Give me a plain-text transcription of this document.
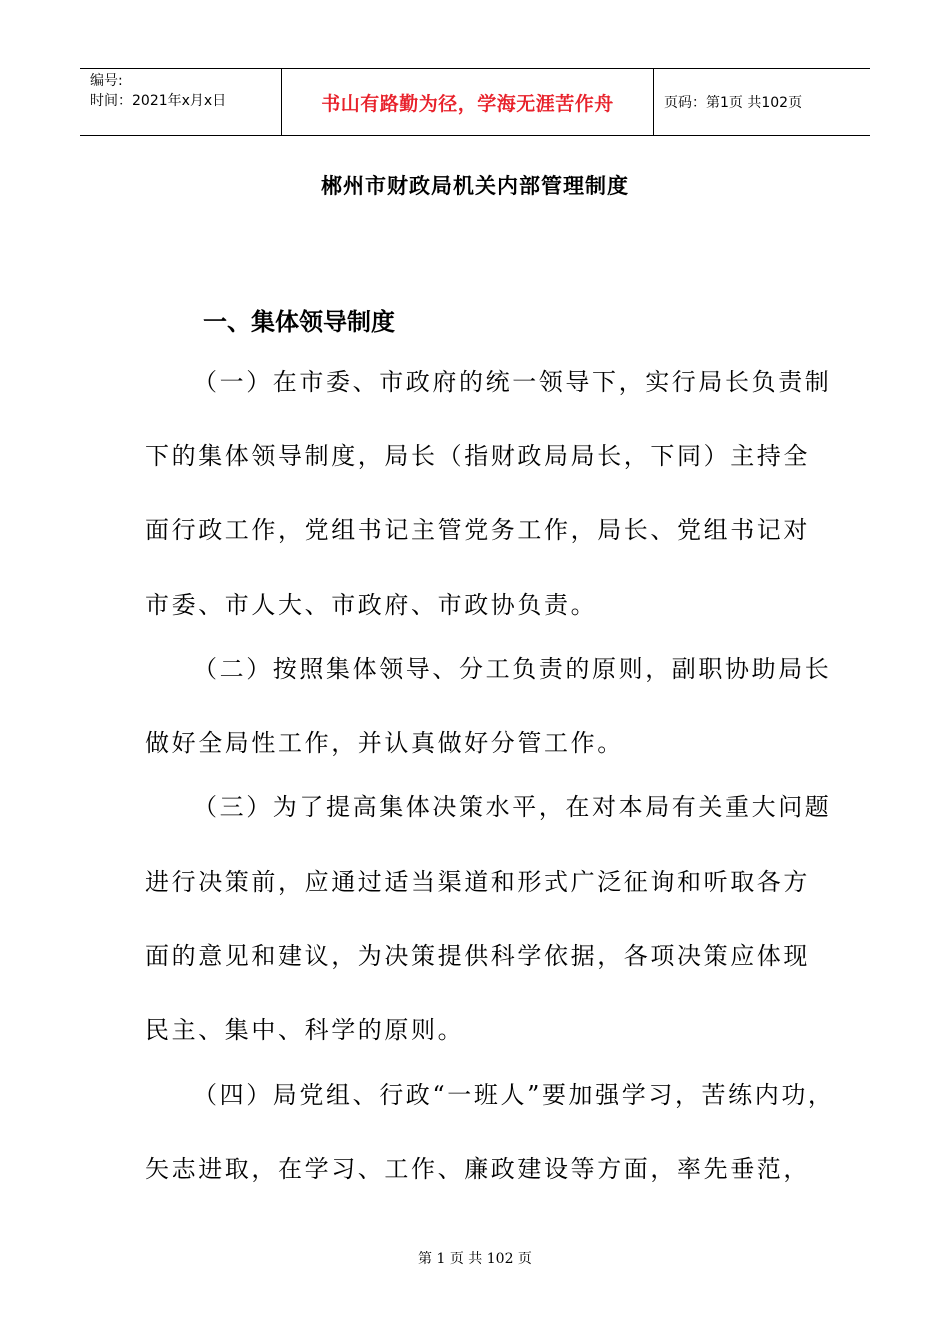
编号:
时间：2021年x月x日	书山有路勤为径，学海无涯苦作舟	页码：第1页 共102页
郴州市财政局机关内部管理制度
一、集体领导制度
（一）在市委、市政府的统一领导下，实行局长负责制
下的集体领导制度，局长（指财政局局长，下同）主持全
面行政工作，党组书记主管党务工作，局长、党组书记对
市委、市人大、市政府、市政协负责。
（二）按照集体领导、分工负责的原则，副职协助局长
做好全局性工作，并认真做好分管工作。
（三）为了提高集体决策水平，在对本局有关重大问题
进行决策前，应通过适当渠道和形式广泛征询和听取各方
面的意见和建议，为决策提供科学依据，各项决策应体现
民主、集中、科学的原则。
（四）局党组、行政“一班人”要加强学习，苦练内功，
矢志进取，在学习、工作、廉政建设等方面，率先垂范，
第 1 页 共 102 页
